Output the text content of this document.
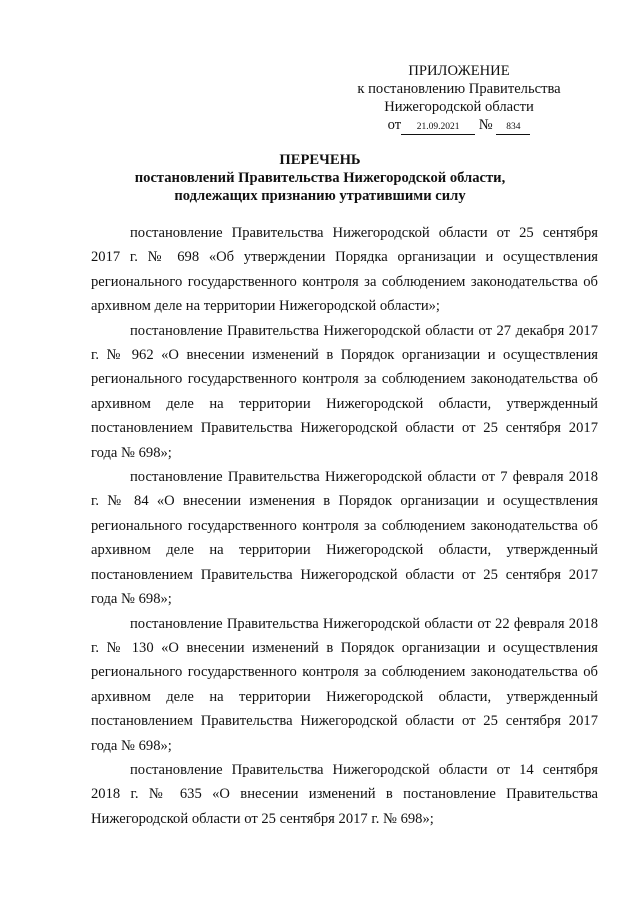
ПРИЛОЖЕНИЕ
к постановлению Правительства
Нижегородской области
от 21.09.2021 № 834
ПЕРЕЧЕНЬ
постановлений Правительства Нижегородской области,
подлежащих признанию утратившими силу

постановление Правительства Нижегородской области от 25 сентября 2017 г. № 698 «Об утверждении Порядка организации и осуществления регионального государственного контроля за соблюдением законодательства об архивном деле на территории Нижегородской области»;

постановление Правительства Нижегородской области от 27 декабря 2017 г. № 962 «О внесении изменений в Порядок организации и осуществления регионального государственного контроля за соблюдением законодательства об архивном деле на территории Нижегородской области, утвержденный постановлением Правительства Нижегородской области от 25 сентября 2017 года № 698»;

постановление Правительства Нижегородской области от 7 февраля 2018 г. № 84 «О внесении изменения в Порядок организации и осуществления регионального государственного контроля за соблюдением законодательства об архивном деле на территории Нижегородской области, утвержденный постановлением Правительства Нижегородской области от 25 сентября 2017 года № 698»;

постановление Правительства Нижегородской области от 22 февраля 2018 г. № 130 «О внесении изменений в Порядок организации и осуществления регионального государственного контроля за соблюдением законодательства об архивном деле на территории Нижегородской области, утвержденный постановлением Правительства Нижегородской области от 25 сентября 2017 года № 698»;

постановление Правительства Нижегородской области от 14 сентября 2018 г. № 635 «О внесении изменений в постановление Правительства Нижегородской области от 25 сентября 2017 г. № 698»;
